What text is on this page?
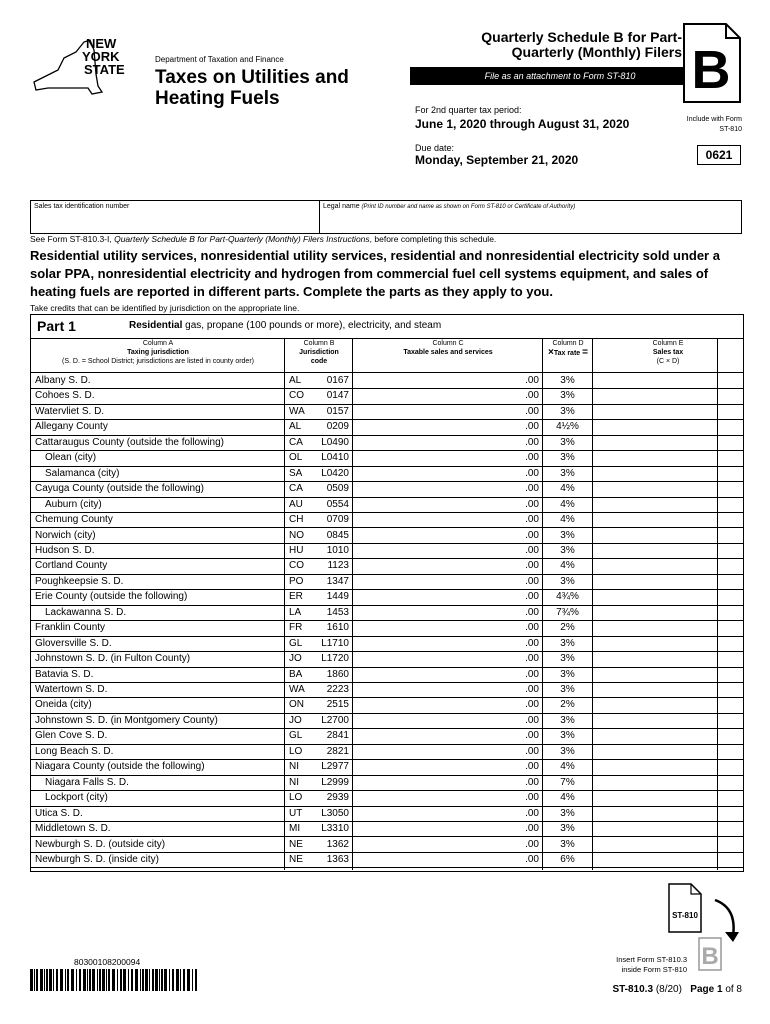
NEW
YORK
STATE
Department of Taxation and Finance
Taxes on Utilities and Heating Fuels
Quarterly Schedule B for Part-Quarterly (Monthly) Filers
File as an attachment to Form ST-810	B
For 2nd quarter tax period:
June 1, 2020 through August 31, 2020
Due date:
Monday, September 21, 2020
Include with Form ST-810
0621
Sales tax identification number	Legal name (Print ID number and name as shown on Form ST-810 or Certificate of Authority)
See Form ST-810.3-I, Quarterly Schedule B for Part-Quarterly (Monthly) Filers Instructions, before completing this schedule.
Residential utility services, nonresidential utility services, residential and nonresidential electricity sold under a solar PPA, nonresidential electricity and hydrogen from commercial fuel cell systems equipment, and sales of heating fuels are reported in different parts. Complete the parts as they apply to you.
Take credits that can be identified by jurisdiction on the appropriate line.
Part 1	Residential gas, propane (100 pounds or more), electricity, and steam
Column A
Taxing jurisdiction
(S. D. = School District; jurisdictions are listed in county order)
Column B
Jurisdiction
code
Column C
Taxable sales and services
Column D
×Tax rate =
Column E
Sales tax
(C × D)
Albany S. D.	AL	0167	.00	3%
Cohoes S. D.	CO	0147	.00	3%
Watervliet S. D.	WA	0157	.00	3%
Allegany County	AL	0209	.00	4½%
Cattaraugus County (outside the following)	CA	L0490	.00	3%
Olean (city)	OL	L0410	.00	3%
Salamanca (city)	SA	L0420	.00	3%
Cayuga County (outside the following)	CA	0509	.00	4%
Auburn (city)	AU	0554	.00	4%
Chemung County	CH	0709	.00	4%
Norwich (city)	NO	0845	.00	3%
Hudson S. D.	HU	1010	.00	3%
Cortland County	CO	1123	.00	4%
Poughkeepsie S. D.	PO	1347	.00	3%
Erie County (outside the following)	ER	1449	.00	4¾%
Lackawanna S. D.	LA	1453	.00	7¾%
Franklin County	FR	1610	.00	2%
Gloversville S. D.	GL	L1710	.00	3%
Johnstown S. D. (in Fulton County)	JO	L1720	.00	3%
Batavia S. D.	BA	1860	.00	3%
Watertown S. D.	WA	2223	.00	3%
Oneida (city)	ON	2515	.00	2%
Johnstown S. D. (in Montgomery County)	JO	L2700	.00	3%
Glen Cove S. D.	GL	2841	.00	3%
Long Beach S. D.	LO	2821	.00	3%
Niagara County (outside the following)	NI	L2977	.00	4%
Niagara Falls S. D.	NI	L2999	.00	7%
Lockport (city)	LO	2939	.00	4%
Utica S. D.	UT	L3050	.00	3%
Middletown S. D.	MI	L3310	.00	3%
Newburgh S. D. (outside city)	NE	1362	.00	3%
Newburgh S. D. (inside city)	NE	1363	.00	6%
80300108200094
ST-810
B
Insert Form ST-810.3
inside Form ST-810
ST-810.3 (8/20) Page 1 of 8
